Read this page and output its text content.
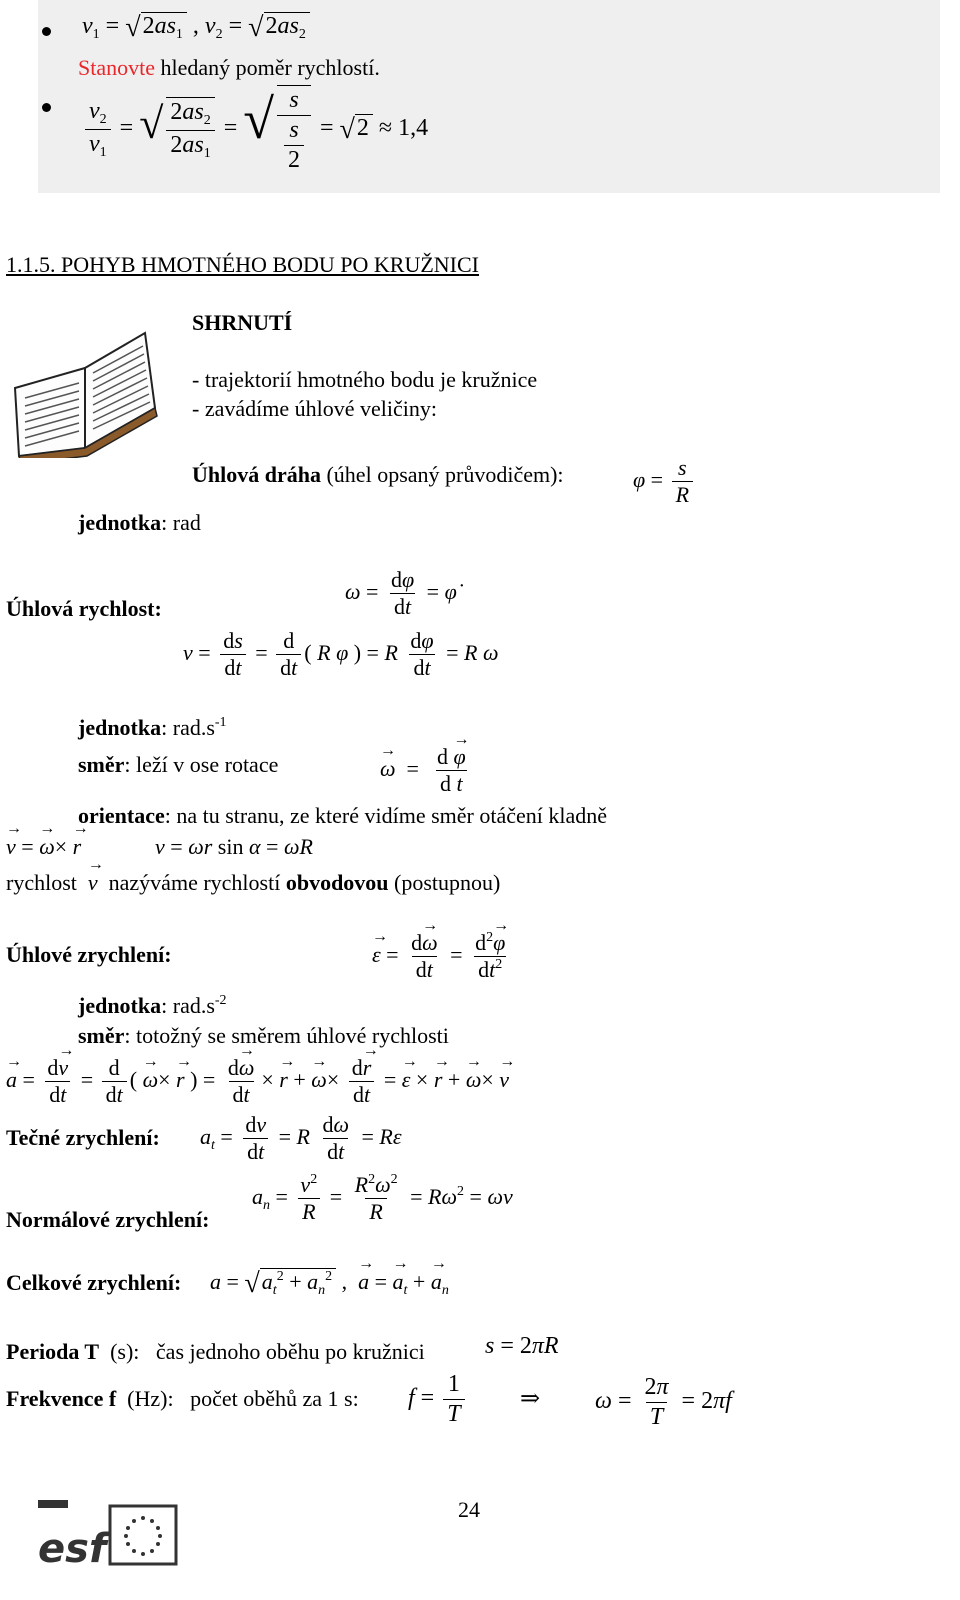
$v_1 = √2as_1$ , $v_2 = √2as_2$
Stanovte hledaný poměr rychlostí.
$\frac{v_2}{v_1}$ = √ $\frac{2as_2}{2as_1}$ = √ $\frac{s}{\frac{s}{2}} = √2 \approx 1,4$
1.1.5. POHYB HMOTNÉHO BODU PO KRUŽNICI
SHRNUTÍ
- trajektorií hmotného bodu je kružnice
- zavádíme úhlové veličiny:
Úhlová dráha (úhel opsaný průvodičem):	$\varphi = \frac{s}{R}$
jednotka: rad
Úhlová rychlost:
$\omega = \frac{d\varphi}{dt}$ = φ̇
$v = \frac{ds}{dt} = \frac{d}{dt}$ ( R φ ) = R $\frac{d\varphi}{dt} = R$ ω
jednotka: $rad.s^{-1}$
směr: leží v ose rotace	→ $\omega = \frac{d \to \varphi}{\text{d t}}$
orientace: na tu stranu, ze které vidíme směr otáčení kladně
→ v = → ω× → r	v = ωr sin α = ωR
rychlost → v nazýváme rychlostí obvodovou (postupnou)
Úhlové zrychlení:	→ $\varepsilon = \frac{d\to \omega}{dt} = \frac{d^2\to \varphi}{dt^2}$
jednotka: $rad.s^{-2}$
směr: totožný se směrem úhlové rychlosti
→ $a = \frac{d\to v}{dt} = \frac{d}{dt}$ ( → ω× → r ) = $\frac{d\to \omega}{dt}$ × → r + → $\omega\times \frac{d\to r}{dt}$ = → ε × → r + → ω× → v
Tečné zrychlení: $a_t = \frac{dv}{dt} = R \frac{d\omega}{dt} = R\varepsilon$
Normálové zrychlení:
$a_n = \frac{v^2}{R} = \frac{R^2\omega^2}{R} = R\omega^2 = \omega v$
Celkové zrychlení: $a = √a_t^2 + a_n^2$ ,  → a = → $a_t$ + → $a_n$
Perioda T (s): čas jednoho oběhu po kružnici	s = 2πR
Frekvence f (Hz): počet oběhů za 1 s: $f = \frac{1}{T}$ ⇒ $\omega = \frac{2\pi}{T} = 2\pi f$
esf
24
